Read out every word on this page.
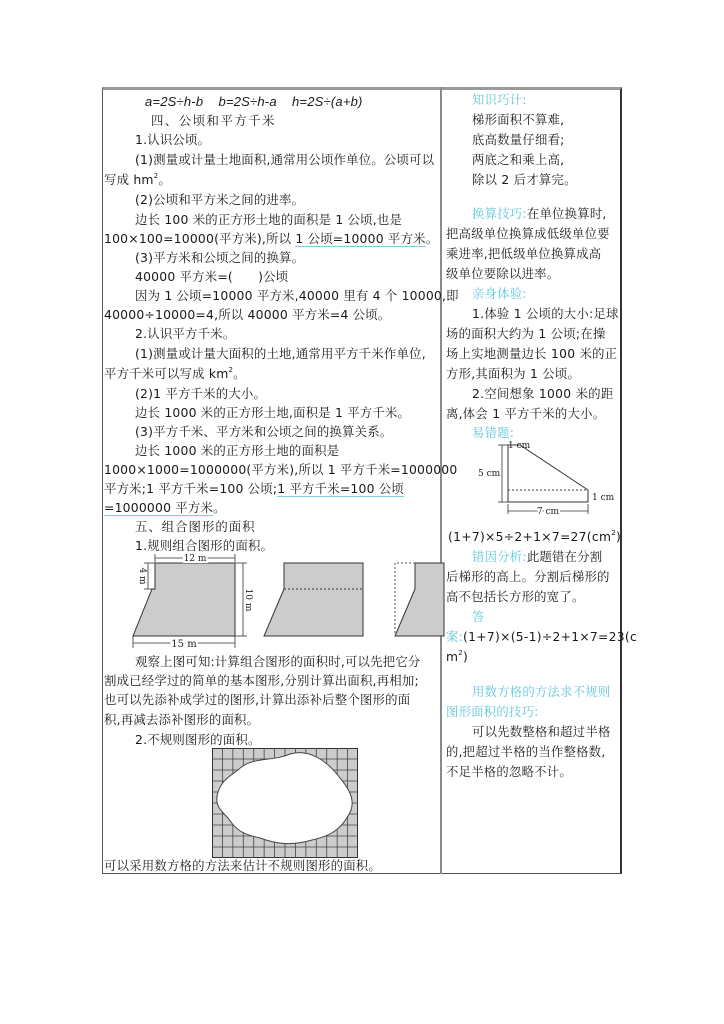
a=2S÷h-b b=2S÷h-a h=2S÷(a+b)
四、公顷和平方千米
1.认识公顷。
(1)测量或计量土地面积,通常用公顷作单位。公顷可以
写成 $hm^2$。
(2)公顷和平方米之间的进率。
边长 100 米的正方形土地的面积是 1 公顷,也是
100×100=10000(平方米),所以 1 公顷=10000 平方米。
(3)平方米和公顷之间的换算。
40000 平方米=(　　)公顷
因为 1 公顷=10000 平方米,40000 里有 4 个 10000,即
40000÷10000=4,所以 40000 平方米=4 公顷。
2.认识平方千米。
(1)测量或计量大面积的土地,通常用平方千米作单位,
平方千米可以写成 $km^2$。
(2)1 平方千米的大小。
边长 1000 米的正方形土地,面积是 1 平方千米。
(3)平方千米、平方米和公顷之间的换算关系。
边长 1000 米的正方形土地的面积是
1000×1000=1000000(平方米),所以 1 平方千米=1000000
平方米;1 平方千米=100 公顷;1 平方千米=100 公顷
=1000000 平方米。
五、组合图形的面积
1.规则组合图形的面积。
12 m
4 m
10 m
15 m
观察上图可知:计算组合图形的面积时,可以先把它分
割成已经学过的简单的基本图形,分别计算出面积,再相加;
也可以先添补成学过的图形,计算出添补后整个图形的面
积,再减去添补图形的面积。
2.不规则图形的面积。
可以采用数方格的方法来估计不规则图形的面积。
知识巧计:
梯形面积不算难,
底高数量仔细看;
两底之和乘上高,
除以 2 后才算完。
换算技巧:在单位换算时,
把高级单位换算成低级单位要
乘进率,把低级单位换算成高
级单位要除以进率。
亲身体验:
1.体验 1 公顷的大小:足球
场的面积大约为 1 公顷;在操
场上实地测量边长 100 米的正
方形,其面积为 1 公顷。
2.空间想象 1000 米的距
离,体会 1 平方千米的大小。
易错题:
1 cm
5 cm
1 cm
7 cm
$(1+7)\times 5\div 2+1\times 7=27(cm^2)$
错因分析:此题错在分割
后梯形的高上。分割后梯形的
高不包括长方形的宽了。
答
案:(1+7)×(5-1)÷2+1×7=23(c
$m^2$)
用数方格的方法求不规则
图形面积的技巧:
可以先数整格和超过半格
的,把超过半格的当作整格数,
不足半格的忽略不计。
